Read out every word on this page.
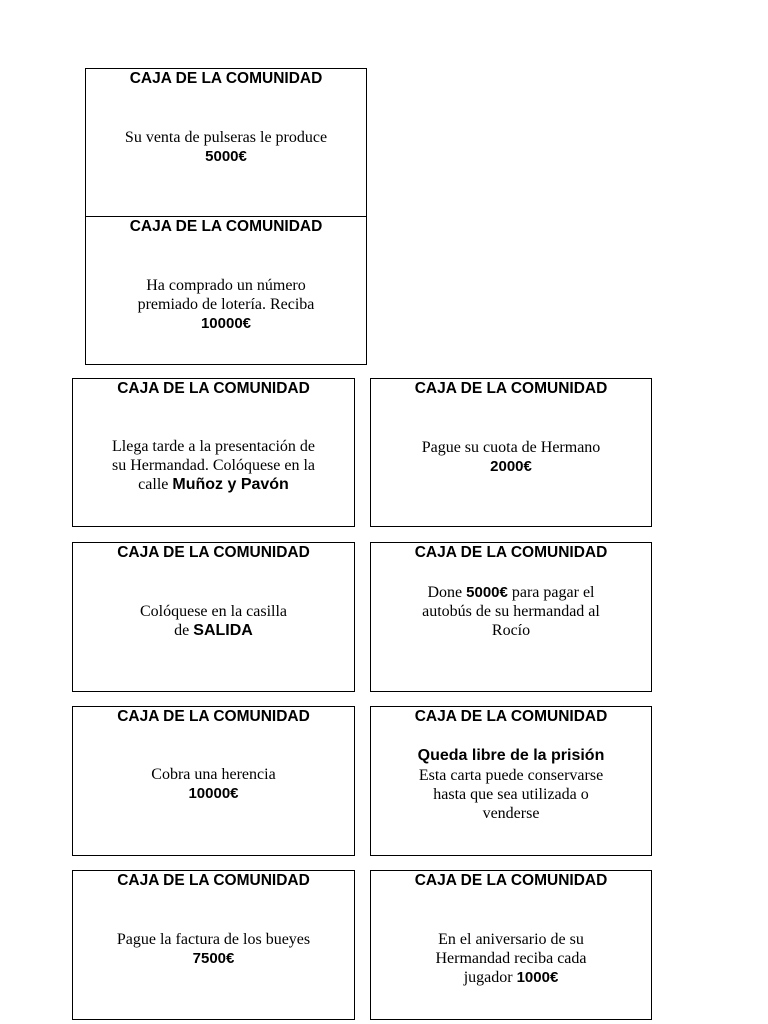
CAJA DE LA COMUNIDAD
Su venta de pulseras le produce
5000€
CAJA DE LA COMUNIDAD
Ha comprado un número
premiado de lotería. Reciba
10000€
CAJA DE LA COMUNIDAD
Llega tarde a la presentación de
su Hermandad. Colóquese en la
calle Muñoz y Pavón
CAJA DE LA COMUNIDAD
Pague su cuota de Hermano
2000€
CAJA DE LA COMUNIDAD
Colóquese en la casilla
de SALIDA
CAJA DE LA COMUNIDAD
Done 5000€ para pagar el
autobús de su hermandad al
Rocío
CAJA DE LA COMUNIDAD
Cobra una herencia
10000€
CAJA DE LA COMUNIDAD
Queda libre de la prisión
Esta carta puede conservarse
hasta que sea utilizada o
venderse
CAJA DE LA COMUNIDAD
Pague la factura de los bueyes
7500€
CAJA DE LA COMUNIDAD
En el aniversario de su
Hermandad reciba cada
jugador 1000€
